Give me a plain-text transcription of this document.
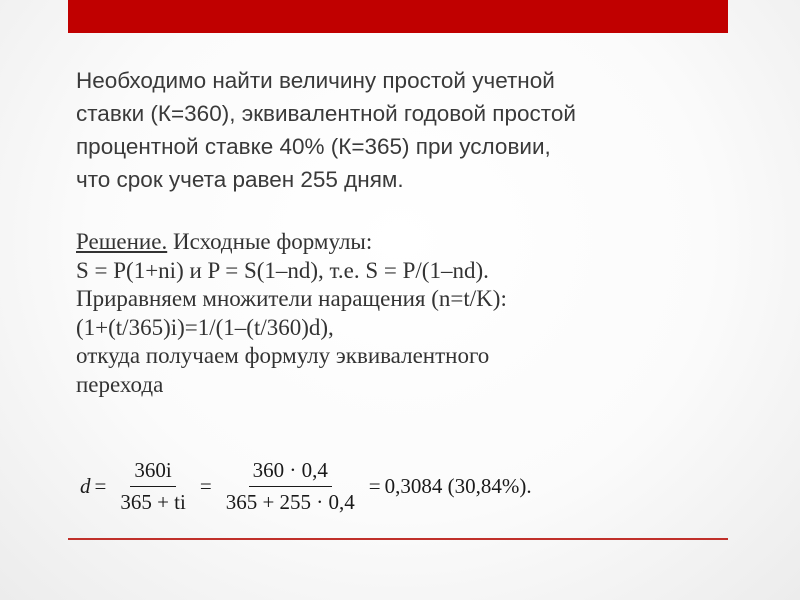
Необходимо найти величину простой учетной
ставки (К=360), эквивалентной годовой простой
процентной ставке 40% (К=365) при условии,
что срок учета равен 255 дням.
Решение. Исходные формулы:
S = P(1+ni) и P = S(1–nd), т.е. S = P/(1–nd).
Приравняем множители наращения (n=t/K):
(1+(t/365)i)=1/(1–(t/360)d),
откуда получаем формулу эквивалентного
перехода
$d = \frac{360i}{365 + ti} = \frac{360 \cdot 0,4}{365 + 255 \cdot 0,4} = 0,3084$ (30,84%).
